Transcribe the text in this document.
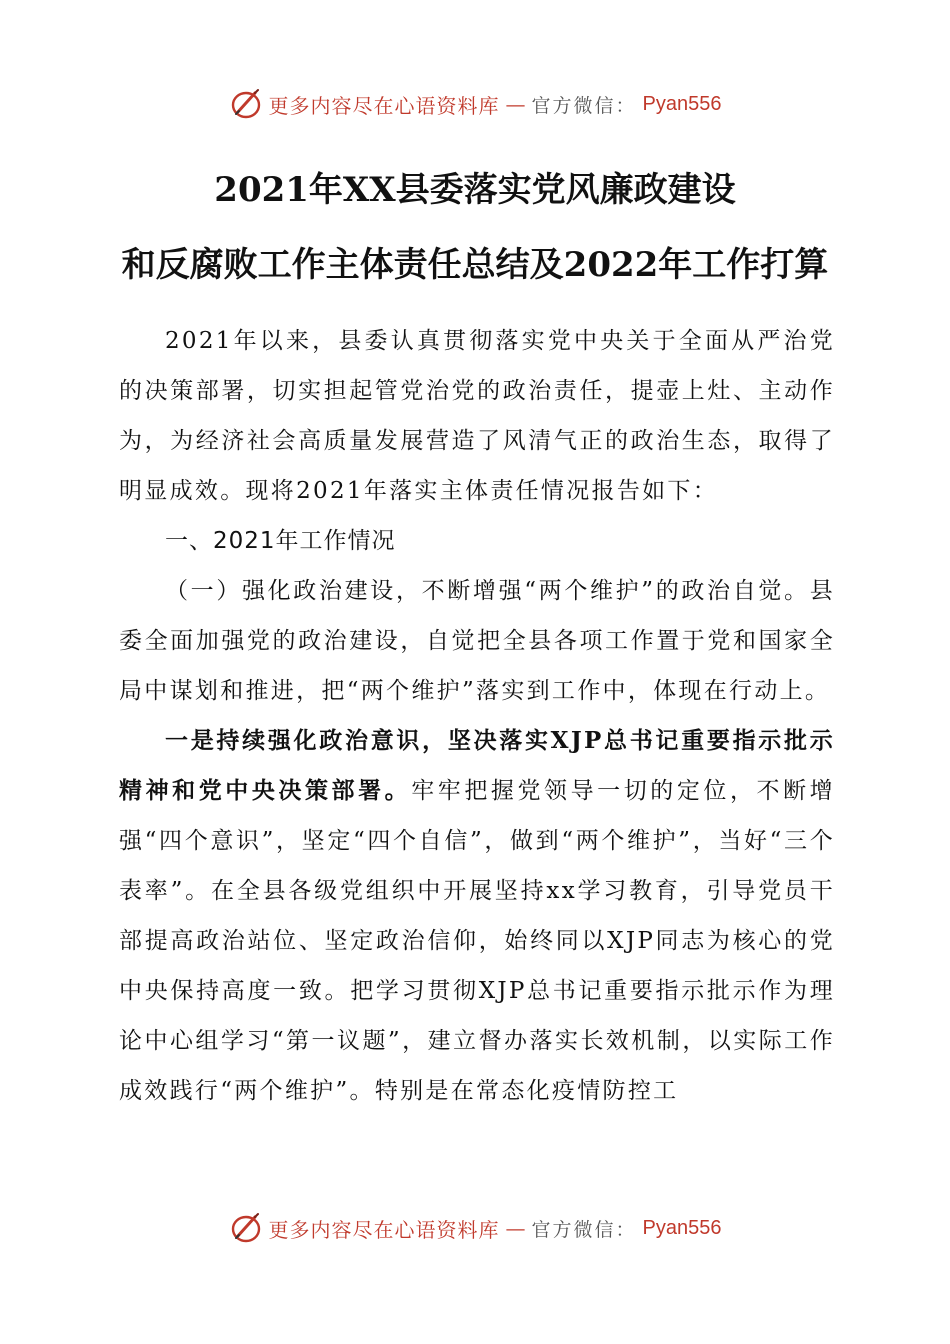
更多内容尽在心语资料库 — 官方微信： Pyan556
2021年XX县委落实党风廉政建设
和反腐败工作主体责任总结及2022年工作打算

2021年以来，县委认真贯彻落实党中央关于全面从严治党的决策部署，切实担起管党治党的政治责任，提壶上灶、主动作为，为经济社会高质量发展营造了风清气正的政治生态，取得了明显成效。现将2021年落实主体责任情况报告如下：

一、2021年工作情况

（一）强化政治建设，不断增强“两个维护”的政治自觉。县委全面加强党的政治建设，自觉把全县各项工作置于党和国家全局中谋划和推进，把“两个维护”落实到工作中，体现在行动上。

一是持续强化政治意识，坚决落实XJP总书记重要指示批示精神和党中央决策部署。牢牢把握党领导一切的定位，不断增强“四个意识”，坚定“四个自信”，做到“两个维护”，当好“三个表率”。在全县各级党组织中开展坚持xx学习教育，引导党员干部提高政治站位、坚定政治信仰，始终同以XJP同志为核心的党中央保持高度一致。把学习贯彻XJP总书记重要指示批示作为理论中心组学习“第一议题”，建立督办落实长效机制，以实际工作成效践行“两个维护”。特别是在常态化疫情防控工

更多内容尽在心语资料库 — 官方微信： Pyan556
